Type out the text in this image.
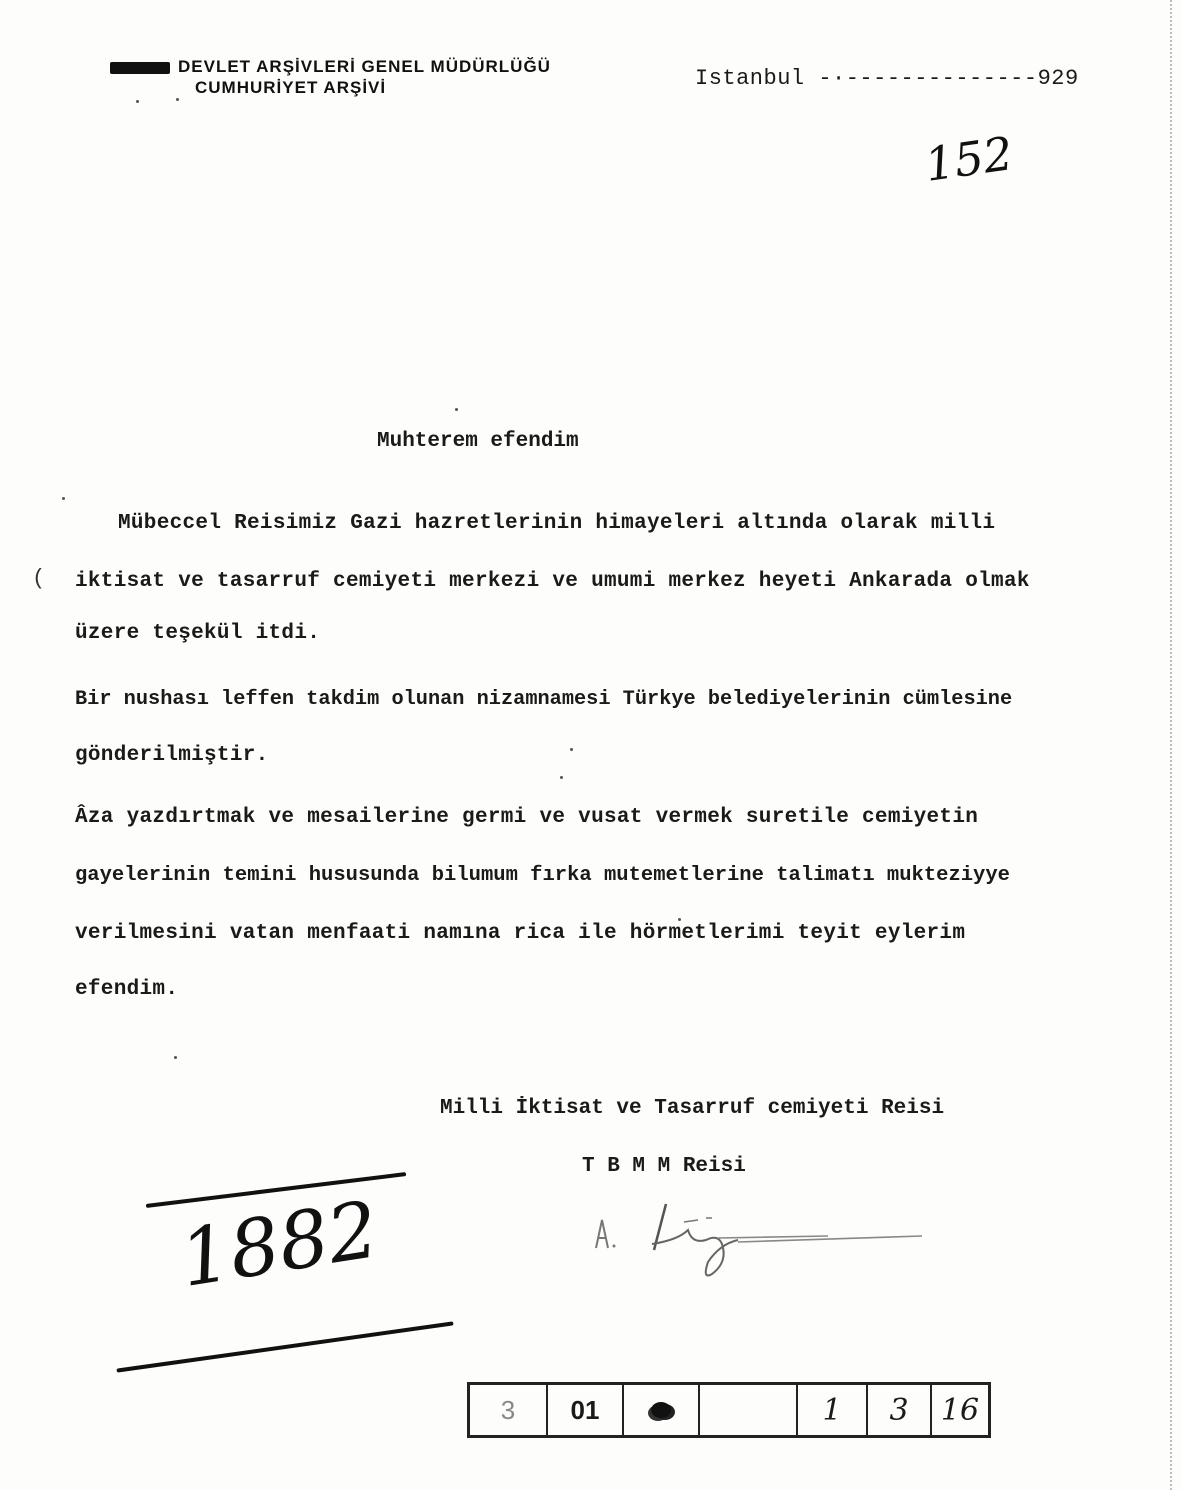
(
DEVLET ARŞİVLERİ GENEL MÜDÜRLÜĞÜ
CUMHURİYET ARŞİVİ	Istanbul -·--------------929
152
Muhterem efendim
Mübeccel Reisimiz Gazi hazretlerinin himayeleri altında olarak milli
iktisat ve tasarruf cemiyeti merkezi ve umumi merkez heyeti Ankarada olmak
üzere teşekül itdi.
Bir nushası leffen takdim olunan nizamnamesi Türkye belediyelerinin cümlesine
gönderilmiştir.
Âza yazdırtmak ve mesailerine germi ve vusat vermek suretile cemiyetin
gayelerinin temini hususunda bilumum fırka mutemetlerine talimatı mukteziyye
verilmesini vatan menfaati namına rica ile hörmetlerimi teyit eylerim
efendim.
Milli İktisat ve Tasarruf cemiyeti Reisi
T B M M Reisi
1882
3	01	1	3	16
